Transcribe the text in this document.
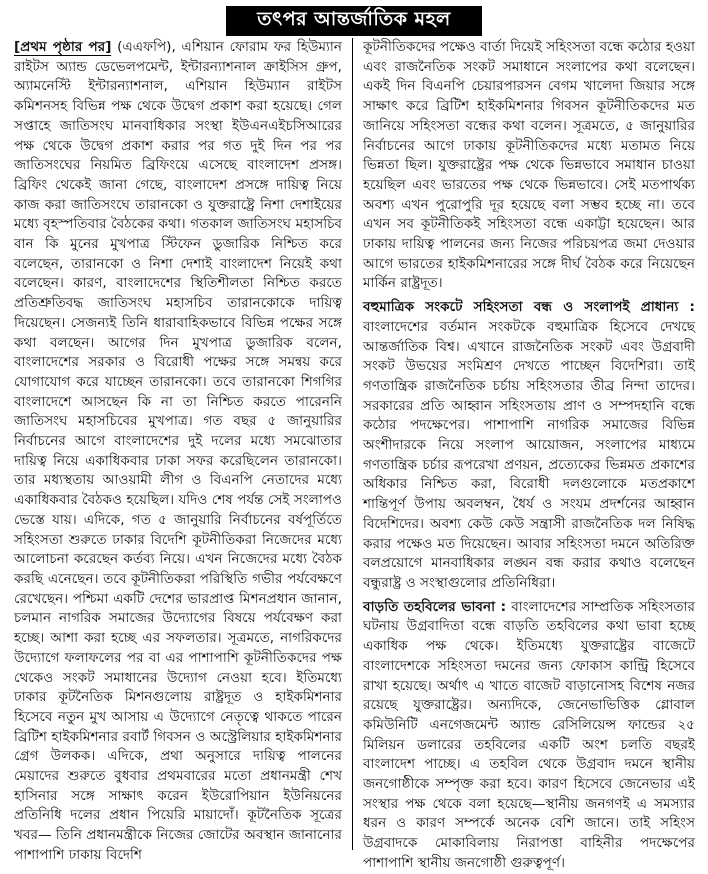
তৎপর আন্তর্জাতিক মহল

[প্রথম পৃষ্ঠার পর] (এএফপি), এশিয়ান ফোরাম ফর হিউম্যান রাইটস অ্যান্ড ডেভেলপমেন্ট, ইন্টারন্যাশনাল ক্রাইসিস গ্রুপ, অ্যামনেস্টি ইন্টারন্যাশনাল, এশিয়ান হিউম্যান রাইটস কমিশনসহ বিভিন্ন পক্ষ থেকে উদ্বেগ প্রকাশ করা হয়েছে। গেল সপ্তাহে জাতিসংঘ মানবাধিকার সংস্থা ইউএনএইচসিআরের পক্ষ থেকে উদ্বেগ প্রকাশ করার পর গত দুই দিন পর পর জাতিসংঘের নিয়মিত ব্রিফিংয়ে এসেছে বাংলাদেশ প্রসঙ্গ। ব্রিফিং থেকেই জানা গেছে, বাংলাদেশ প্রসঙ্গে দায়িত্ব নিয়ে কাজ করা জাতিসংঘে তারানকো ও যুক্তরাষ্ট্রে নিশা দেশাইয়ের মধ্যে বৃহস্পতিবার বৈঠকের কথা। গতকাল জাতিসংঘ মহাসচিব বান কি মুনের মুখপাত্র স্টিফেন ডুজারিক নিশ্চিত করে বলেছেন, তারানকো ও নিশা দেশাই বাংলাদেশ নিয়েই কথা বলেছেন। কারণ, বাংলাদেশের স্থিতিশীলতা নিশ্চিত করতে প্রতিশ্রুতিবদ্ধ জাতিসংঘ মহাসচিব তারানকোকে দায়িত্ব দিয়েছেন। সেজন্যই তিনি ধারাবাহিকভাবে বিভিন্ন পক্ষের সঙ্গে কথা বলছেন। আগের দিন মুখপাত্র ডুজারিক বলেন, বাংলাদেশের সরকার ও বিরোধী পক্ষের সঙ্গে সমন্বয় করে যোগাযোগ করে যাচ্ছেন তারানকো। তবে তারানকো শিগগির বাংলাদেশে আসছেন কি না তা নিশ্চিত করতে পারেননি জাতিসংঘ মহাসচিবের মুখপাত্র। গত বছর ৫ জানুয়ারির নির্বাচনের আগে বাংলাদেশের দুই দলের মধ্যে সমঝোতার দায়িত্ব নিয়ে একাধিকবার ঢাকা সফর করেছিলেন তারানকো। তার মধ্যস্থতায় আওয়ামী লীগ ও বিএনপি নেতাদের মধ্যে একাধিকবার বৈঠকও হয়েছিল। যদিও শেষ পর্যন্ত সেই সংলাপও ভেস্তে যায়। এদিকে, গত ৫ জানুয়ারি নির্বাচনের বর্ষপূর্তিতে সহিংসতা শুরুতে ঢাকার বিদেশি কূটনীতিকরা নিজেদের মধ্যে আলোচনা করেছেন কর্তব্য নিয়ে। এখন নিজেদের মধ্যে বৈঠক করছি এনেছেন। তবে কূটনীতিকরা পরিস্থিতি গভীর পর্যবেক্ষণে রেখেছেন। পশ্চিমা একটি দেশের ভারপ্রাপ্ত মিশনপ্রধান জানান, চলমান নাগরিক সমাজের উদ্যোগের বিষয়ে পর্যবেক্ষণ করা হচ্ছে। আশা করা হচ্ছে এর সফলতার। সূত্রমতে, নাগরিকদের উদ্যোগে ফলাফলের পর বা এর পাশাপাশি কূটনীতিকদের পক্ষ থেকেও সংকট সমাধানের উদ্যোগ নেওয়া হবে। ইতিমধ্যে ঢাকার কূটনৈতিক মিশনগুলোয় রাষ্ট্রদূত ও হাইকমিশনার হিসেবে নতুন মুখ আসায় এ উদ্যোগে নেতৃত্বে থাকতে পারেন ব্রিটিশ হাইকমিশনার রবার্ট গিবসন ও অস্ট্রেলিয়ার হাইকমিশনার গ্রেগ উলকক। এদিকে, প্রথা অনুসারে দায়িত্ব পালনের মেয়াদের শুরুতে বুধবার প্রথমবারের মতো প্রধানমন্ত্রী শেখ হাসিনার সঙ্গে সাক্ষাৎ করেন ইউরোপিয়ান ইউনিয়নের প্রতিনিধি দলের প্রধান পিয়েরি মায়াদোঁ। কূটনৈতিক সূত্রের খবর— তিনি প্রধানমন্ত্রীকে নিজের জোটের অবস্থান জানানোর পাশাপাশি ঢাকায় বিদেশি

কূটনীতিকদের পক্ষেও বার্তা দিয়েই সহিংসতা বন্ধে কঠোর হওয়া এবং রাজনৈতিক সংকট সমাধানে সংলাপের কথা বলেছেন। একই দিন বিএনপি চেয়ারপারসন বেগম খালেদা জিয়ার সঙ্গে সাক্ষাৎ করে ব্রিটিশ হাইকমিশনার গিবসন কূটনীতিকদের মত জানিয়ে সহিংসতা বন্ধের কথা বলেন। সূত্রমতে, ৫ জানুয়ারির নির্বাচনের আগে ঢাকায় কূটনীতিকদের মধ্যে মতামত নিয়ে ভিন্নতা ছিল। যুক্তরাষ্ট্রের পক্ষ থেকে ভিন্নভাবে সমাধান চাওয়া হয়েছিল এবং ভারতের পক্ষ থেকে ভিন্নভাবে। সেই মতপার্থক্য অবশ্য এখন পুরোপুরি দূর হয়েছে বলা সম্ভব হচ্ছে না। তবে এখন সব কূটনীতিকই সহিংসতা বন্ধে একাট্টা হয়েছেন। আর ঢাকায় দায়িত্ব পালনের জন্য নিজের পরিচয়পত্র জমা দেওয়ার আগে ভারতের হাইকমিশনারের সঙ্গে দীর্ঘ বৈঠক করে নিয়েছেন মার্কিন রাষ্ট্রদূত।

বহুমাত্রিক সংকটে সহিংসতা বন্ধ ও সংলাপই প্রাধান্য : বাংলাদেশের বর্তমান সংকটকে বহুমাত্রিক হিসেবে দেখছে আন্তর্জাতিক বিশ্ব। এখানে রাজনৈতিক সংকট এবং উগ্রবাদী সংকট উভয়ের সংমিশ্রণ দেখতে পাচ্ছেন বিদেশিরা। তাই গণতান্ত্রিক রাজনৈতিক চর্চায় সহিংসতার তীব্র নিন্দা তাদের। সরকারের প্রতি আহ্বান সহিংসতায় প্রাণ ও সম্পদহানি বন্ধে কঠোর পদক্ষেপের। পাশাপাশি নাগরিক সমাজের বিভিন্ন অংশীদারকে নিয়ে সংলাপ আয়োজন, সংলাপের মাধ্যমে গণতান্ত্রিক চর্চার রূপরেখা প্রণয়ন, প্রত্যেকের ভিন্নমত প্রকাশের অধিকার নিশ্চিত করা, বিরোধী দলগুলোকে মতপ্রকাশে শান্তিপূর্ণ উপায় অবলম্বন, ধৈর্য ও সংযম প্রদর্শনের আহ্বান বিদেশিদের। অবশ্য কেউ কেউ সন্ত্রাসী রাজনৈতিক দল নিষিদ্ধ করার পক্ষেও মত দিয়েছেন। আবার সহিংসতা দমনে অতিরিক্ত বলপ্রয়োগে মানবাধিকার লঙ্ঘন বন্ধ করার কথাও বলেছেন বন্ধুরাষ্ট্র ও সংস্থাগুলোর প্রতিনিধিরা।

বাড়তি তহবিলের ভাবনা : বাংলাদেশের সাম্প্রতিক সহিংসতার ঘটনায় উগ্রবাদিতা বন্ধে বাড়তি তহবিলের কথা ভাবা হচ্ছে একাধিক পক্ষ থেকে। ইতিমধ্যে যুক্তরাষ্ট্রের বাজেটে বাংলাদেশকে সহিংসতা দমনের জন্য ফোকাস কান্ট্রি হিসেবে রাখা হয়েছে। অর্থাৎ এ খাতে বাজেট বাড়ানোসহ বিশেষ নজর রয়েছে যুক্তরাষ্ট্রের। অন্যদিকে, জেনেভাভিত্তিক গ্লোবাল কমিউনিটি এনগেজমেন্ট অ্যান্ড রেসিলিয়েন্স ফান্ডের ২৫ মিলিয়ন ডলারের তহবিলের একটি অংশ চলতি বছরই বাংলাদেশ পাচ্ছে। এ তহবিল থেকে উগ্রবাদ দমনে স্থানীয় জনগোষ্ঠীকে সম্পৃক্ত করা হবে। কারণ হিসেবে জেনেভার এই সংস্থার পক্ষ থেকে বলা হয়েছে—স্থানীয় জনগণই এ সমস্যার ধরন ও কারণ সম্পর্কে অনেক বেশি জানে। তাই সহিংস উগ্রবাদকে মোকাবিলায় নিরাপত্তা বাহিনীর পদক্ষেপের পাশাপাশি স্থানীয় জনগোষ্ঠী গুরুত্বপূর্ণ।
